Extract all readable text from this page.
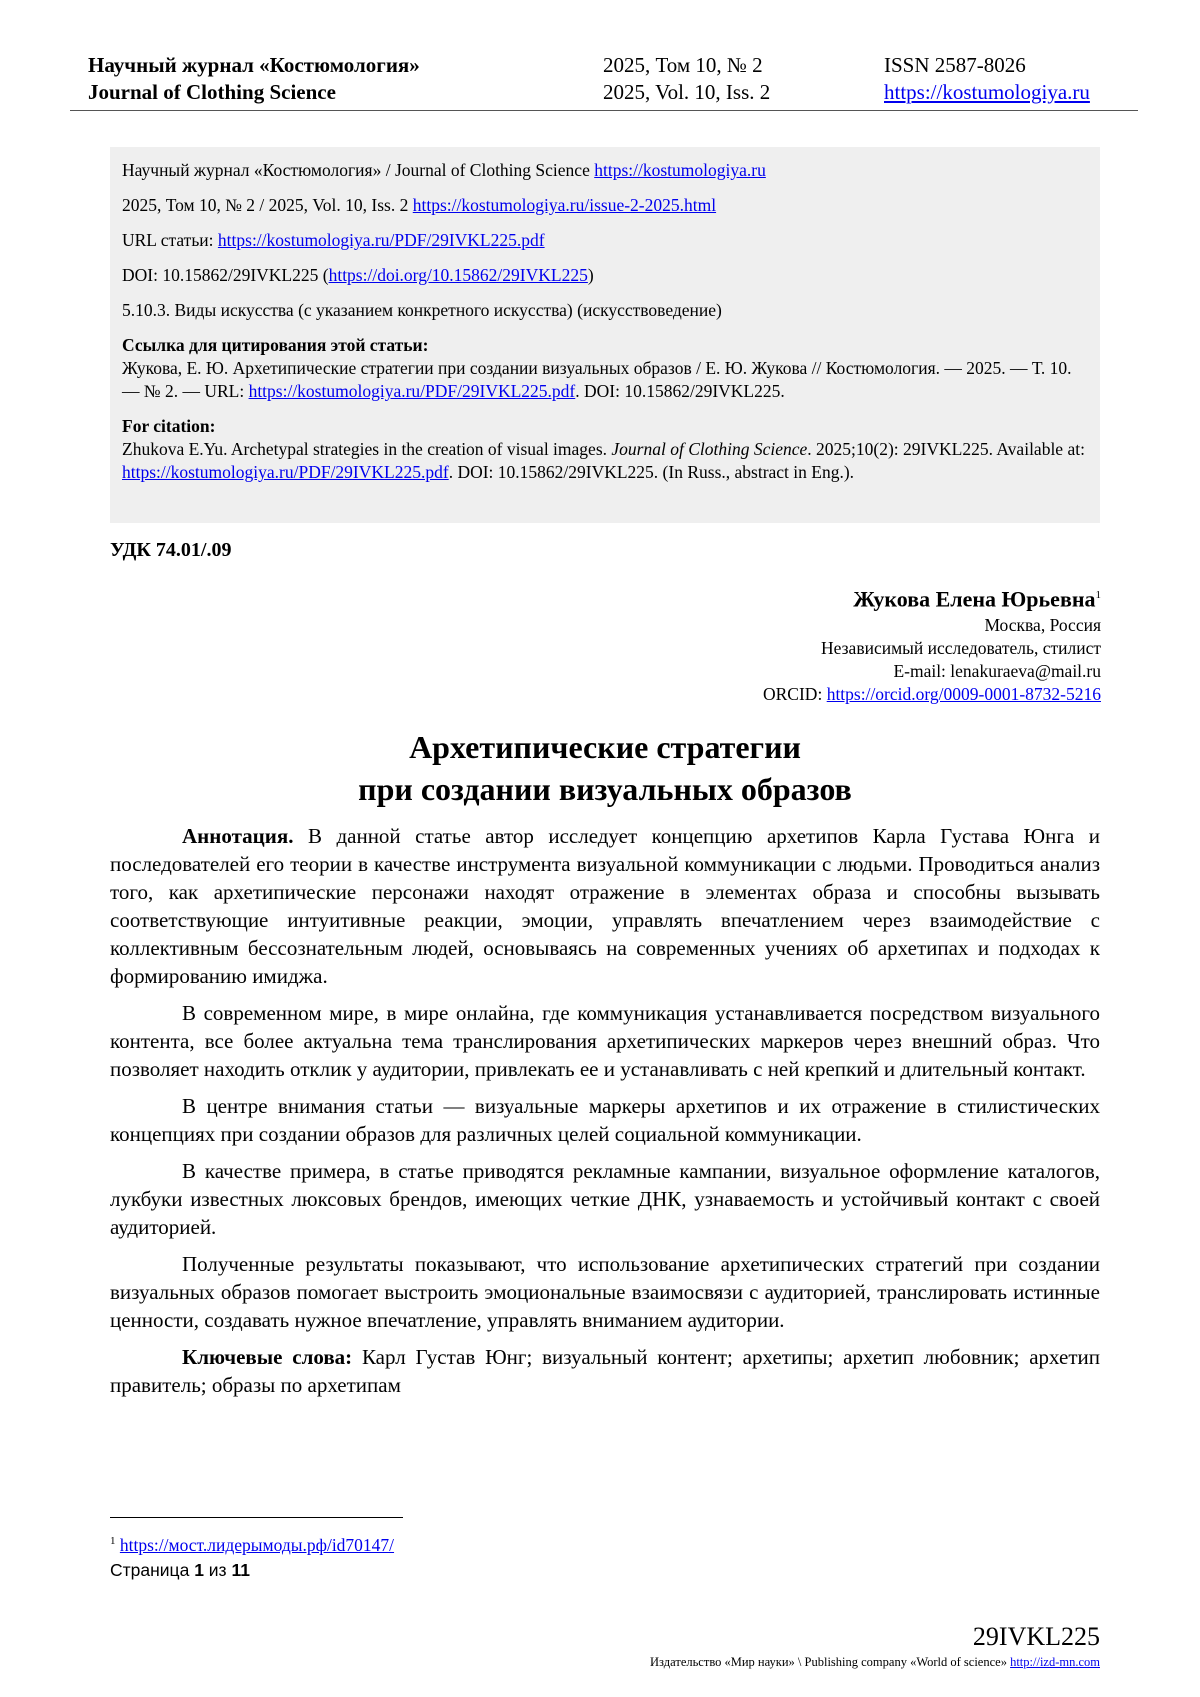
Научный журнал «Костюмология»
Journal of Clothing Science
2025, Том 10, № 2
2025, Vol. 10, Iss. 2
ISSN 2587-8026
https://kostumologiya.ru
Научный журнал «Костюмология» / Journal of Clothing Science https://kostumologiya.ru
2025, Том 10, № 2 / 2025, Vol. 10, Iss. 2 https://kostumologiya.ru/issue-2-2025.html
URL статьи: https://kostumologiya.ru/PDF/29IVKL225.pdf
DOI: 10.15862/29IVKL225 (https://doi.org/10.15862/29IVKL225)
5.10.3. Виды искусства (с указанием конкретного искусства) (искусствоведение)
Ссылка для цитирования этой статьи:
Жукова, Е. Ю. Архетипические стратегии при создании визуальных образов / Е. Ю. Жукова // Костюмология. — 2025. — Т. 10. — № 2. — URL: https://kostumologiya.ru/PDF/29IVKL225.pdf. DOI: 10.15862/29IVKL225.
For citation:
Zhukova E.Yu. Archetypal strategies in the creation of visual images. Journal of Clothing Science. 2025;10(2): 29IVKL225. Available at: https://kostumologiya.ru/PDF/29IVKL225.pdf. DOI: 10.15862/29IVKL225. (In Russ., abstract in Eng.).
УДК 74.01/.09
Жукова Елена Юрьевна$^1$
Москва, Россия
Независимый исследователь, стилист
E-mail: lenakuraeva@mail.ru
ORCID: https://orcid.org/0009-0001-8732-5216
Архетипические стратегии
при создании визуальных образов

Аннотация. В данной статье автор исследует концепцию архетипов Карла Густава Юнга и последователей его теории в качестве инструмента визуальной коммуникации с людьми. Проводиться анализ того, как архетипические персонажи находят отражение в элементах образа и способны вызывать соответствующие интуитивные реакции, эмоции, управлять впечатлением через взаимодействие с коллективным бессознательным людей, основываясь на современных учениях об архетипах и подходах к формированию имиджа.

В современном мире, в мире онлайна, где коммуникация устанавливается посредством визуального контента, все более актуальна тема транслирования архетипических маркеров через внешний образ. Что позволяет находить отклик у аудитории, привлекать ее и устанавливать с ней крепкий и длительный контакт.

В центре внимания статьи — визуальные маркеры архетипов и их отражение в стилистических концепциях при создании образов для различных целей социальной коммуникации.

В качестве примера, в статье приводятся рекламные кампании, визуальное оформление каталогов, лукбуки известных люксовых брендов, имеющих четкие ДНК, узнаваемость и устойчивый контакт с своей аудиторией.

Полученные результаты показывают, что использование архетипических стратегий при создании визуальных образов помогает выстроить эмоциональные взаимосвязи с аудиторией, транслировать истинные ценности, создавать нужное впечатление, управлять вниманием аудитории.

Ключевые слова: Карл Густав Юнг; визуальный контент; архетипы; архетип любовник; архетип правитель; образы по архетипам

$^1$ https://мост.лидерымоды.рф/id70147/
Страница 1 из 11
29IVKL225
Издательство «Мир науки» \ Publishing company «World of science» http://izd-mn.com
